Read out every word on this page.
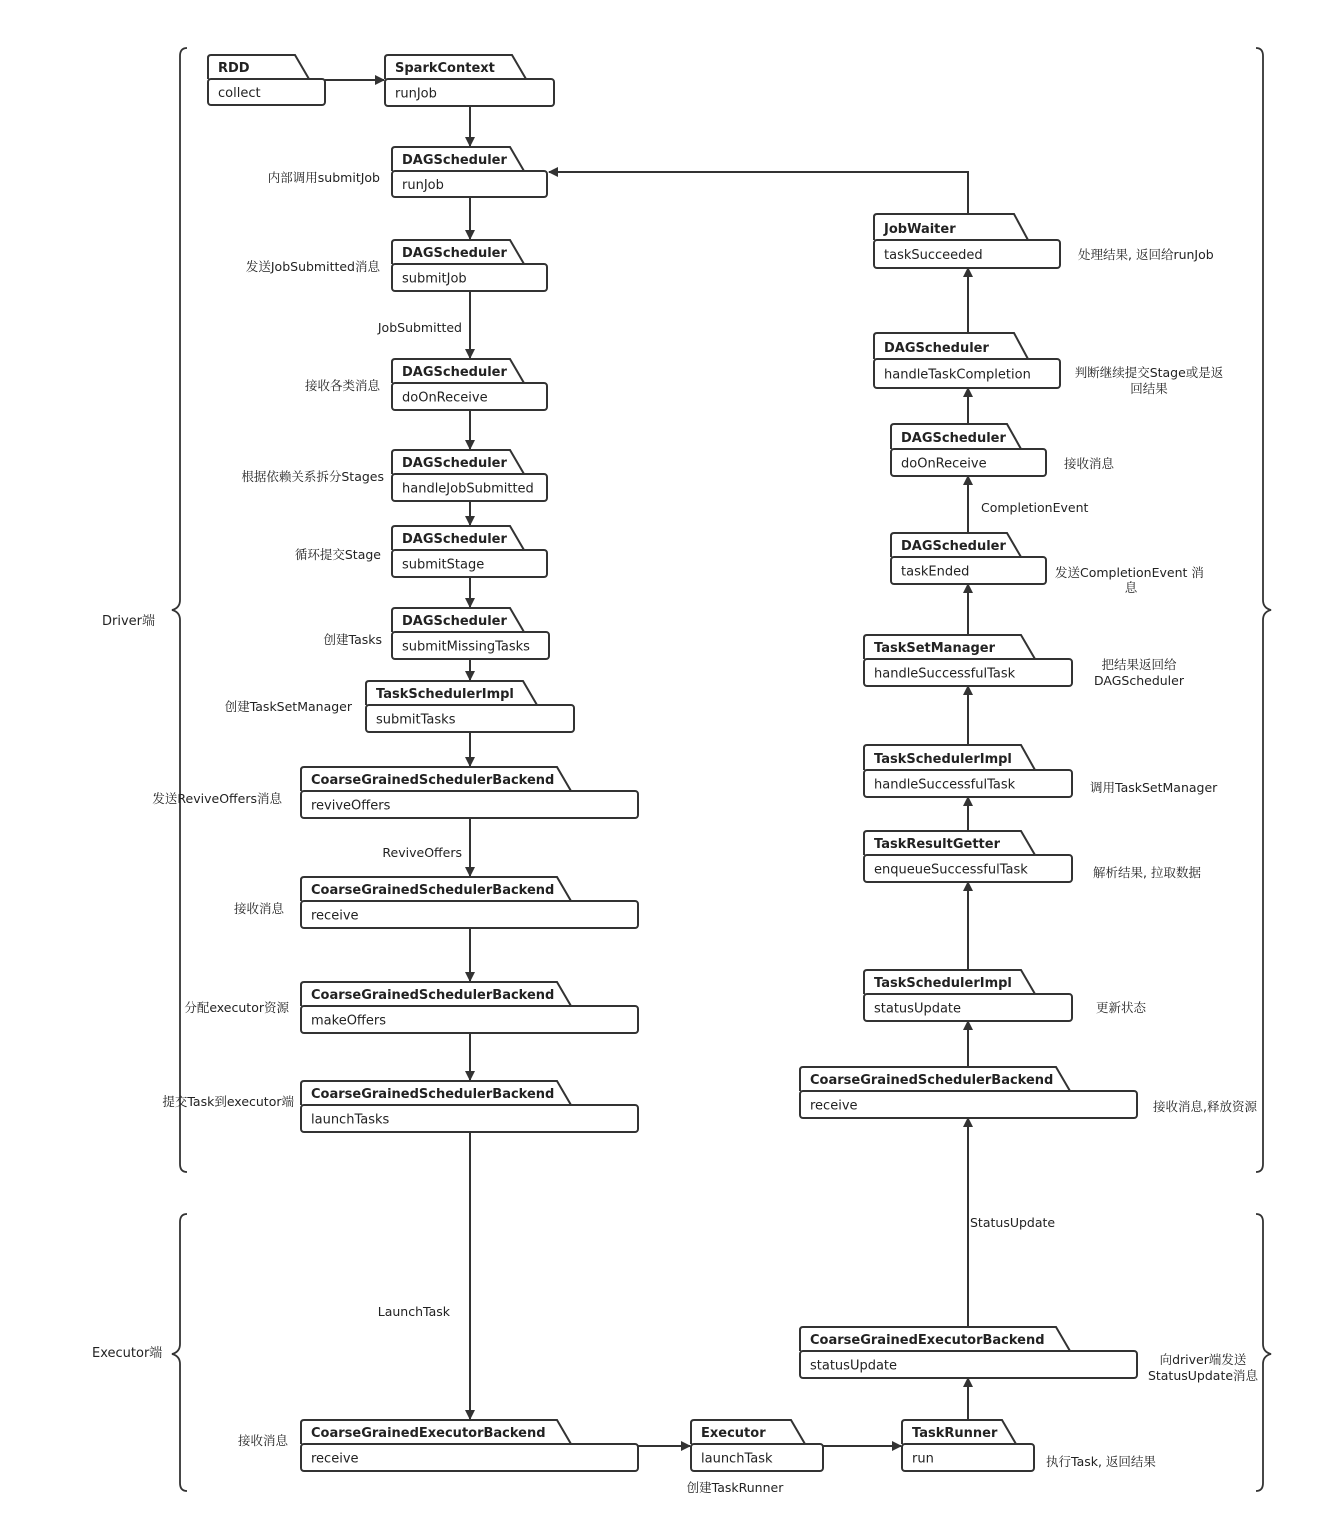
Driver端
Executor端
RDD
collect
SparkContext
runJob
DAGScheduler
runJob
DAGScheduler
submitJob
DAGScheduler
doOnReceive
DAGScheduler
handleJobSubmitted
DAGScheduler
submitStage
DAGScheduler
submitMissingTasks
TaskSchedulerImpl
submitTasks
CoarseGrainedSchedulerBackend
reviveOffers
CoarseGrainedSchedulerBackend
receive
CoarseGrainedSchedulerBackend
makeOffers
CoarseGrainedSchedulerBackend
launchTasks
CoarseGrainedExecutorBackend
receive
Executor
launchTask
TaskRunner
run
CoarseGrainedExecutorBackend
statusUpdate
CoarseGrainedSchedulerBackend
receive
TaskSchedulerImpl
statusUpdate
TaskResultGetter
enqueueSuccessfulTask
TaskSchedulerImpl
handleSuccessfulTask
TaskSetManager
handleSuccessfulTask
DAGScheduler
taskEnded
DAGScheduler
doOnReceive
DAGScheduler
handleTaskCompletion
JobWaiter
taskSucceeded
内部调用submitJob
发送JobSubmitted消息
JobSubmitted
接收各类消息
根据依赖关系拆分Stages
循环提交Stage
创建Tasks
创建TaskSetManager
发送ReviveOffers消息
ReviveOffers
接收消息
分配executor资源
提交Task到executor端
LaunchTask
接收消息
创建TaskRunner
执行Task, 返回结果
向driver端发送
StatusUpdate消息
StatusUpdate
接收消息,释放资源
更新状态
解析结果, 拉取数据
调用TaskSetManager
把结果返回给
DAGScheduler
发送CompletionEvent 消
息
CompletionEvent
接收消息
判断继续提交Stage或是返
回结果
处理结果, 返回给runJob
